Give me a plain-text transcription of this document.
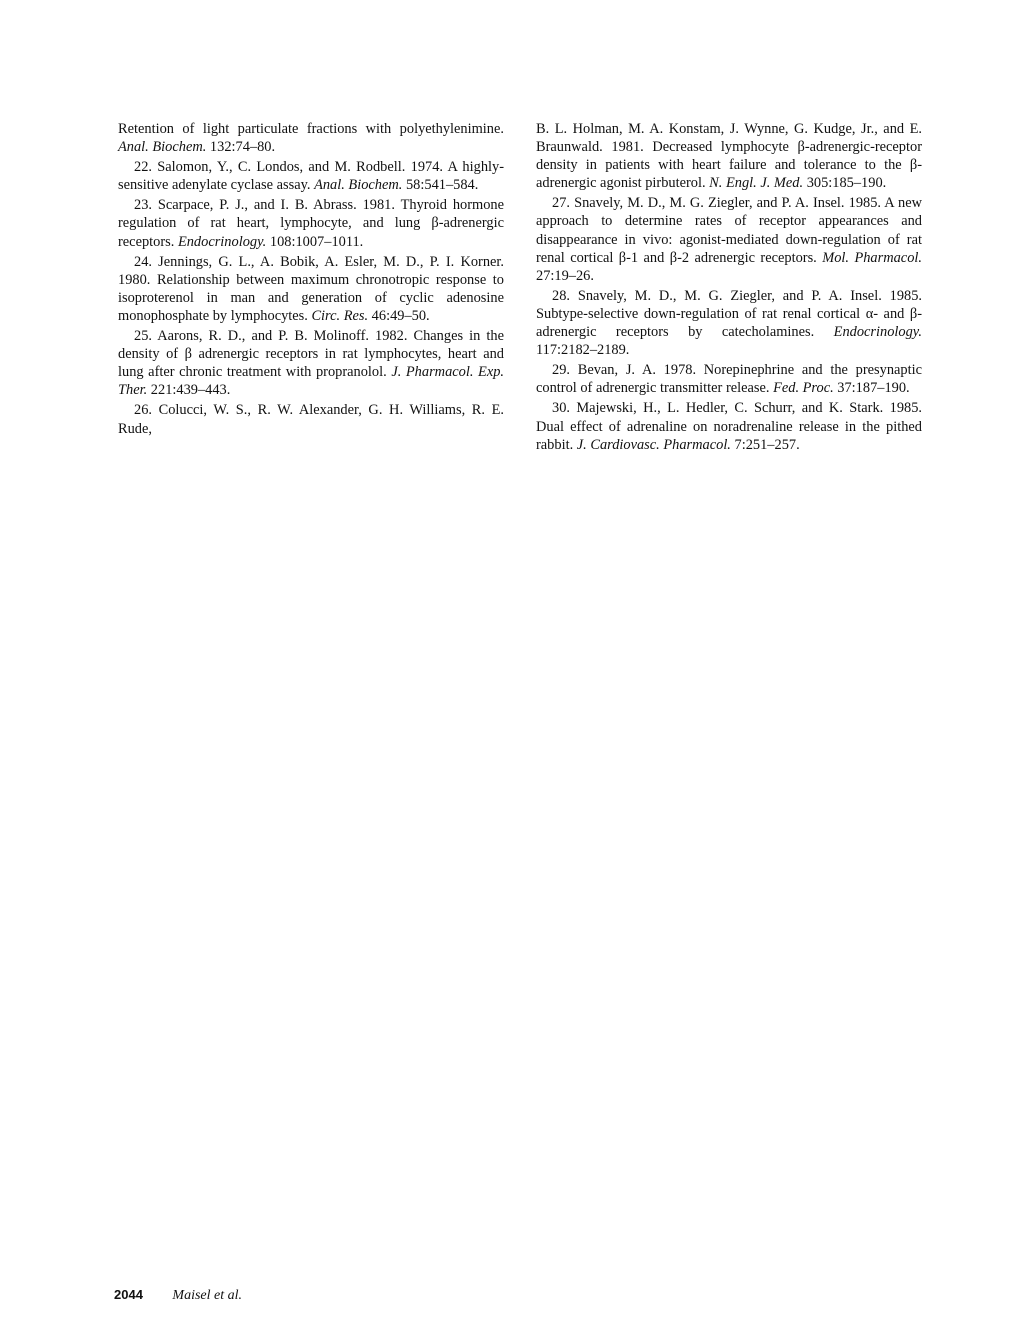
Retention of light particulate fractions with polyethylenimine. Anal. Biochem. 132:74–80.

22. Salomon, Y., C. Londos, and M. Rodbell. 1974. A highly-sensitive adenylate cyclase assay. Anal. Biochem. 58:541–584.

23. Scarpace, P. J., and I. B. Abrass. 1981. Thyroid hormone regulation of rat heart, lymphocyte, and lung β-adrenergic receptors. Endocrinology. 108:1007–1011.

24. Jennings, G. L., A. Bobik, A. Esler, M. D., P. I. Korner. 1980. Relationship between maximum chronotropic response to isoproterenol in man and generation of cyclic adenosine monophosphate by lymphocytes. Circ. Res. 46:49–50.

25. Aarons, R. D., and P. B. Molinoff. 1982. Changes in the density of β adrenergic receptors in rat lymphocytes, heart and lung after chronic treatment with propranolol. J. Pharmacol. Exp. Ther. 221:439–443.

26. Colucci, W. S., R. W. Alexander, G. H. Williams, R. E. Rude,

B. L. Holman, M. A. Konstam, J. Wynne, G. Kudge, Jr., and E. Braunwald. 1981. Decreased lymphocyte β-adrenergic-receptor density in patients with heart failure and tolerance to the β-adrenergic agonist pirbuterol. N. Engl. J. Med. 305:185–190.

27. Snavely, M. D., M. G. Ziegler, and P. A. Insel. 1985. A new approach to determine rates of receptor appearances and disappearance in vivo: agonist-mediated down-regulation of rat renal cortical β-1 and β-2 adrenergic receptors. Mol. Pharmacol. 27:19–26.

28. Snavely, M. D., M. G. Ziegler, and P. A. Insel. 1985. Subtype-selective down-regulation of rat renal cortical α- and β-adrenergic receptors by catecholamines. Endocrinology. 117:2182–2189.

29. Bevan, J. A. 1978. Norepinephrine and the presynaptic control of adrenergic transmitter release. Fed. Proc. 37:187–190.

30. Majewski, H., L. Hedler, C. Schurr, and K. Stark. 1985. Dual effect of adrenaline on noradrenaline release in the pithed rabbit. J. Cardiovasc. Pharmacol. 7:251–257.

2044 Maisel et al.
